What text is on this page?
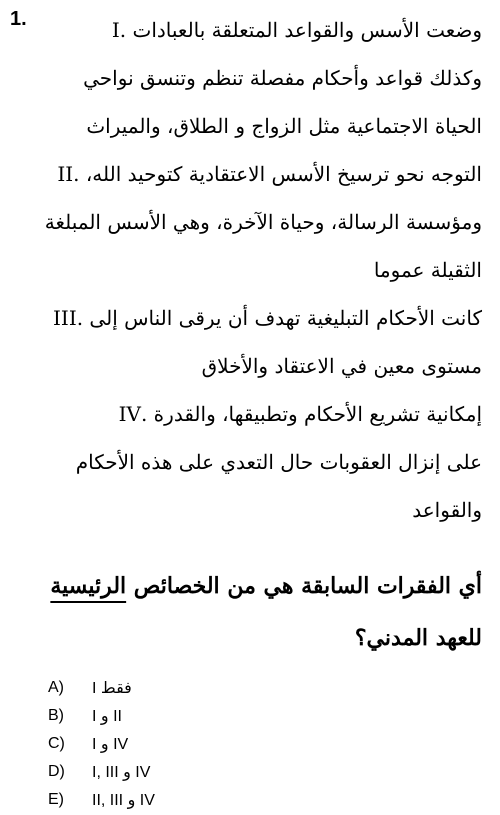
1.	وضعت الأسس والقواعد المتعلقة بالعبادات .I
وكذلك قواعد وأحكام مفصلة تنظم وتنسق نواحي
الحياة الاجتماعية مثل الزواج و الطلاق، والميراث
التوجه نحو ترسيخ الأسس الاعتقادية كتوحيد الله، .II
ومؤسسة الرسالة، وحياة الآخرة، وهي الأسس المبلغة
الثقيلة عموما
كانت الأحكام التبليغية تهدف أن يرقى الناس إلى .III
مستوى معين في الاعتقاد والأخلاق
إمكانية تشريع الأحكام وتطبيقها، والقدرة .IV
على إنزال العقوبات حال التعدي على هذه الأحكام
والقواعد
أي الفقرات السابقة هي من الخصائص الرئيسية
للعهد المدني؟
A)	I فقط
B)	I و II
C)	I و IV
D)	I, III و IV
E)	II, III و IV
